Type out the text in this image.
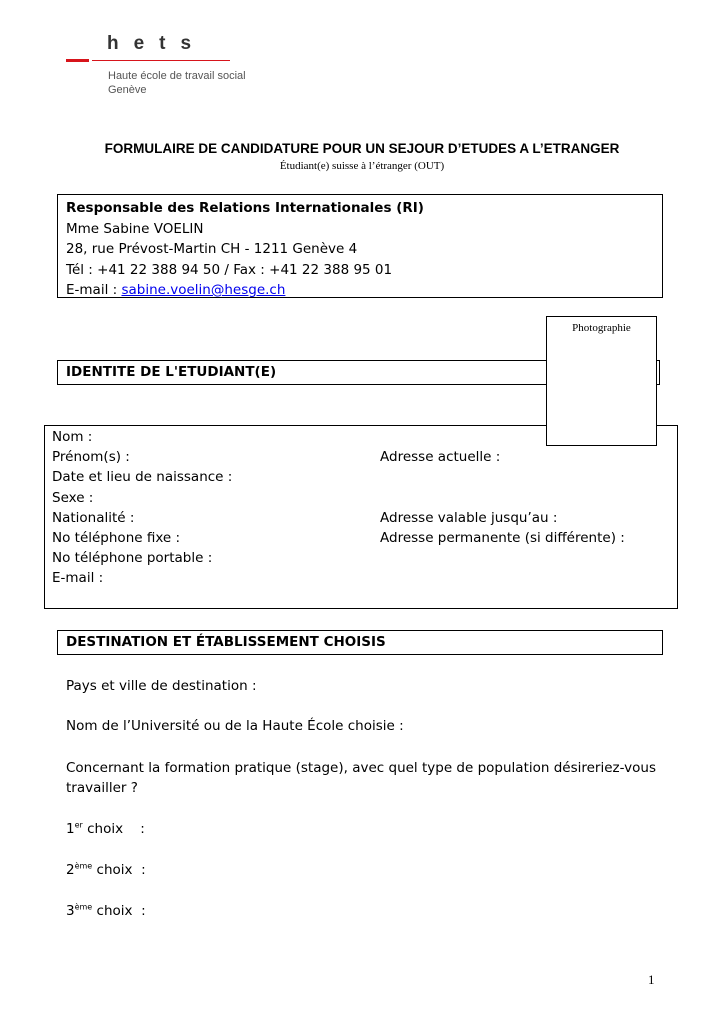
hets
Haute école de travail social
Genève
FORMULAIRE DE CANDIDATURE POUR UN SEJOUR D’ETUDES A L’ETRANGER
Étudiant(e) suisse à l’étranger (OUT)
Responsable des Relations Internationales (RI)
Mme Sabine VOELIN
28, rue Prévost-Martin CH - 1211 Genève 4
Tél : +41 22 388 94 50 / Fax : +41 22 388 95 01
E-mail : sabine.voelin@hesge.ch
IDENTITE DE L'ETUDIANT(E)
Photographie
Nom :
Prénom(s) :
Date et lieu de naissance :
Sexe :
Nationalité :
No téléphone fixe :
No téléphone portable :
E-mail :
Adresse actuelle :
Adresse valable jusqu’au :
Adresse permanente (si différente) :
DESTINATION ET ÉTABLISSEMENT CHOISIS
Pays et ville de destination :
Nom de l’Université ou de la Haute École choisie :
Concernant la formation pratique (stage), avec quel type de population désireriez-vous
travailler ?
1er choix    :
2ème choix  :
3ème choix  :
1
